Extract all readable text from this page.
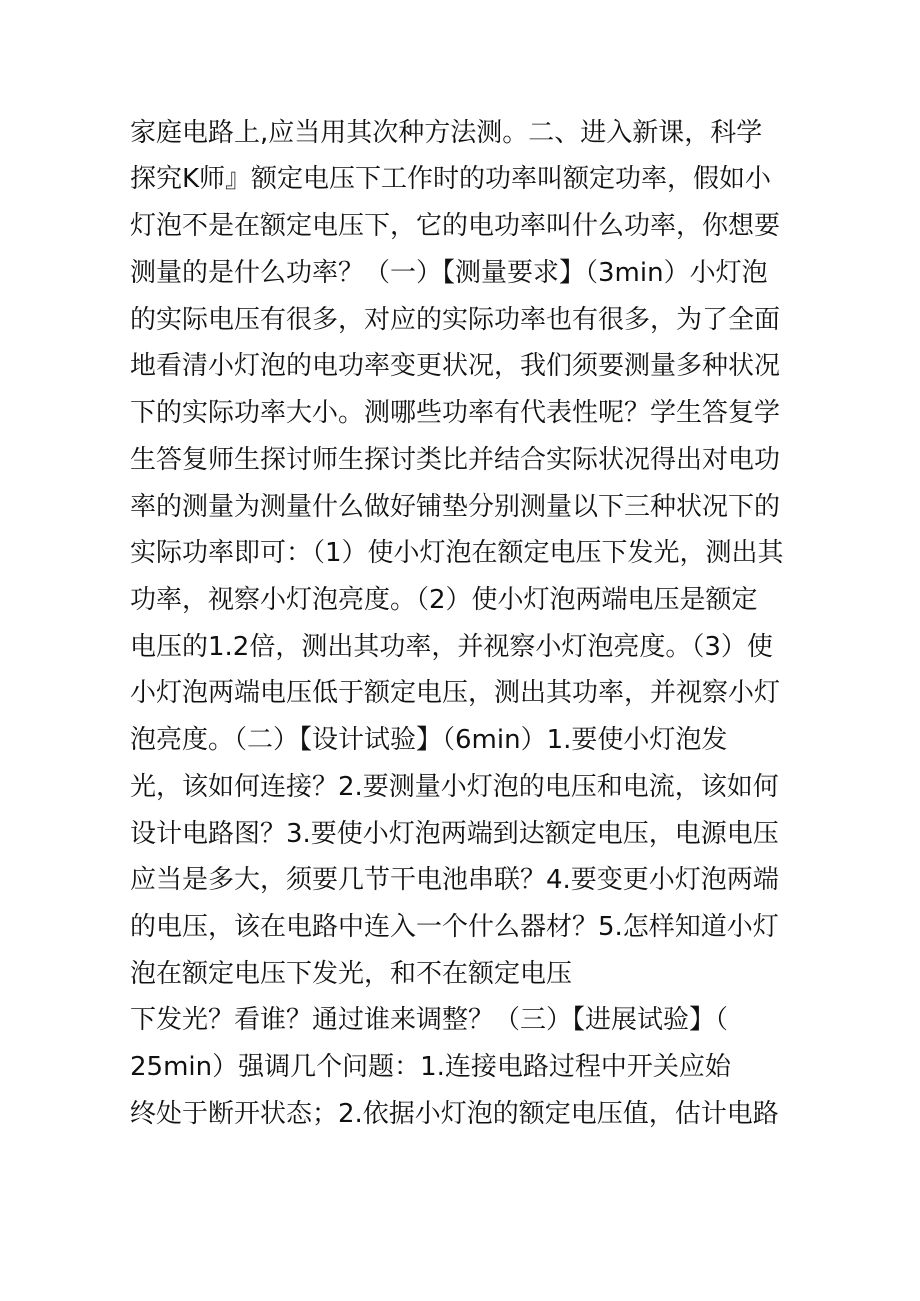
家庭电路上,应当用其次种方法测。二、进入新课，科学

探究K师』额定电压下工作时的功率叫额定功率，假如小

灯泡不是在额定电压下，它的电功率叫什么功率，你想要

测量的是什么功率？（一）【测量要求】（3min）小灯泡

的实际电压有很多，对应的实际功率也有很多，为了全面

地看清小灯泡的电功率变更状况，我们须要测量多种状况

下的实际功率大小。测哪些功率有代表性呢？学生答复学

生答复师生探讨师生探讨类比并结合实际状况得出对电功

率的测量为测量什么做好铺垫分别测量以下三种状况下的

实际功率即可：（1）使小灯泡在额定电压下发光，测出其

功率，视察小灯泡亮度。（2）使小灯泡两端电压是额定

电压的1.2倍，测出其功率，并视察小灯泡亮度。（3）使

小灯泡两端电压低于额定电压，测出其功率，并视察小灯

泡亮度。（二）【设计试验】（6min）1.要使小灯泡发

光，该如何连接？2.要测量小灯泡的电压和电流，该如何

设计电路图？3.要使小灯泡两端到达额定电压，电源电压

应当是多大，须要几节干电池串联？4.要变更小灯泡两端

的电压，该在电路中连入一个什么器材？5.怎样知道小灯

泡在额定电压下发光，和不在额定电压

下发光？看谁？通过谁来调整？（三）【进展试验】（

25min）强调几个问题：1.连接电路过程中开关应始

终处于断开状态；2.依据小灯泡的额定电压值，估计电路
